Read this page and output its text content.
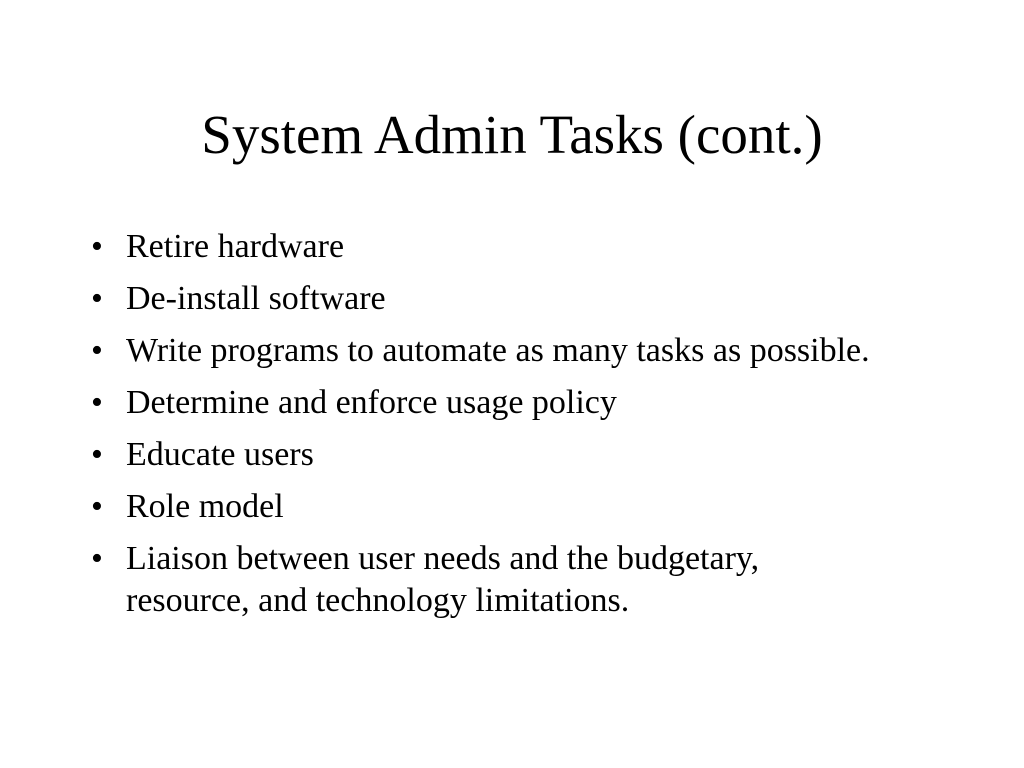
System Admin Tasks (cont.)
• Retire hardware
• De-install software
• Write programs to automate as many tasks as possible.
• Determine and enforce usage policy
• Educate users
• Role model
• Liaison between user needs and the budgetary, resource, and technology limitations.
